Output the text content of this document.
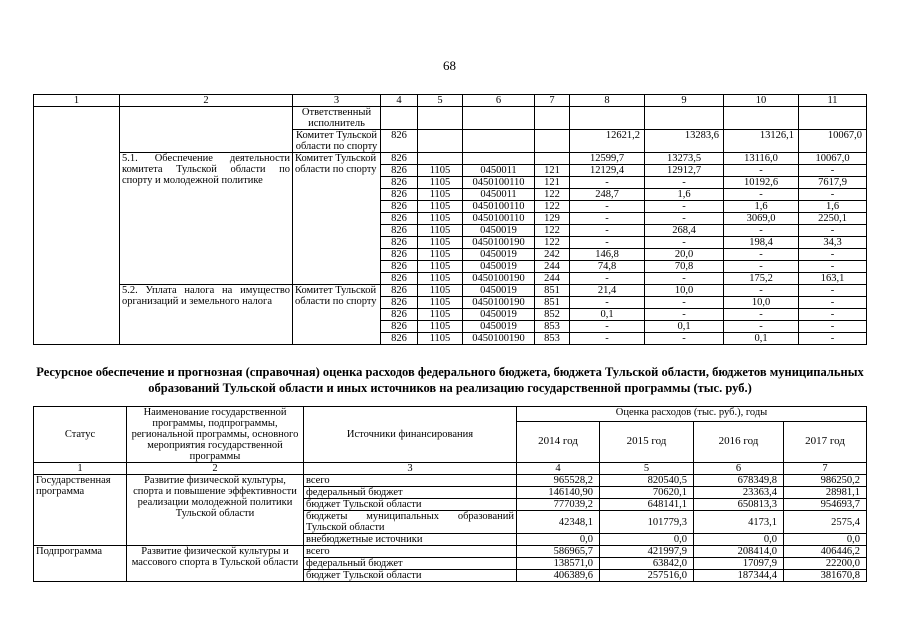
68
1	2	3	4	5	6	7	8	9	10	11
		Ответственный исполнитель								
		Комитет Тульской области по спорту	826				12621,2	13283,6	13126,1	10067,0
	5.1. Обеспечение деятельности комитета Тульской области по спорту и молодежной политике	Комитет Тульской области по спорту	826				12599,7	13273,5	13116,0	10067,0
			826	1105	0450011	121	12129,4	12912,7	-	-
			826	1105	0450100110	121	-	-	10192,6	7617,9
			826	1105	0450011	122	248,7	1,6	-	-
			826	1105	0450100110	122	-	-	1,6	1,6
			826	1105	0450100110	129	-	-	3069,0	2250,1
			826	1105	0450019	122	-	268,4	-	-
			826	1105	0450100190	122	-	-	198,4	34,3
			826	1105	0450019	242	146,8	20,0	-	-
			826	1105	0450019	244	74,8	70,8	-	-
			826	1105	0450100190	244	-	-	175,2	163,1
	5.2. Уплата налога на имущество организаций и земельного налога	Комитет Тульской области по спорту	826	1105	0450019	851	21,4	10,0	-	-
			826	1105	0450100190	851	-	-	10,0	-
			826	1105	0450019	852	0,1	-	-	-
			826	1105	0450019	853	-	0,1	-	-
			826	1105	0450100190	853	-	-	0,1	-
Ресурсное обеспечение и прогнозная (справочная) оценка расходов федерального бюджета, бюджета Тульской области, бюджетов муниципальных образований Тульской области и иных источников на реализацию государственной программы (тыс. руб.)
Статус	Наименование государственной программы, подпрограммы, региональной программы, основного мероприятия государственной программы	Источники финансирования	Оценка расходов (тыс. руб.), годы			
			2014 год	2015 год	2016 год	2017 год
1	2	3	4	5	6	7
Государственная программа	Развитие физической культуры, спорта и повышение эффективности реализации молодежной политики Тульской области	всего	965528,2	820540,5	678349,8	986250,2
		федеральный бюджет	146140,90	70620,1	23363,4	28981,1
		бюджет Тульской области	777039,2	648141,1	650813,3	954693,7
		бюджеты муниципальных образований Тульской области	42348,1	101779,3	4173,1	2575,4
		внебюджетные источники	0,0	0,0	0,0	0,0
Подпрограмма	Развитие физической культуры и массового спорта в Тульской области	всего	586965,7	421997,9	208414,0	406446,2
		федеральный бюджет	138571,0	63842,0	17097,9	22200,0
		бюджет Тульской области	406389,6	257516,0	187344,4	381670,8
